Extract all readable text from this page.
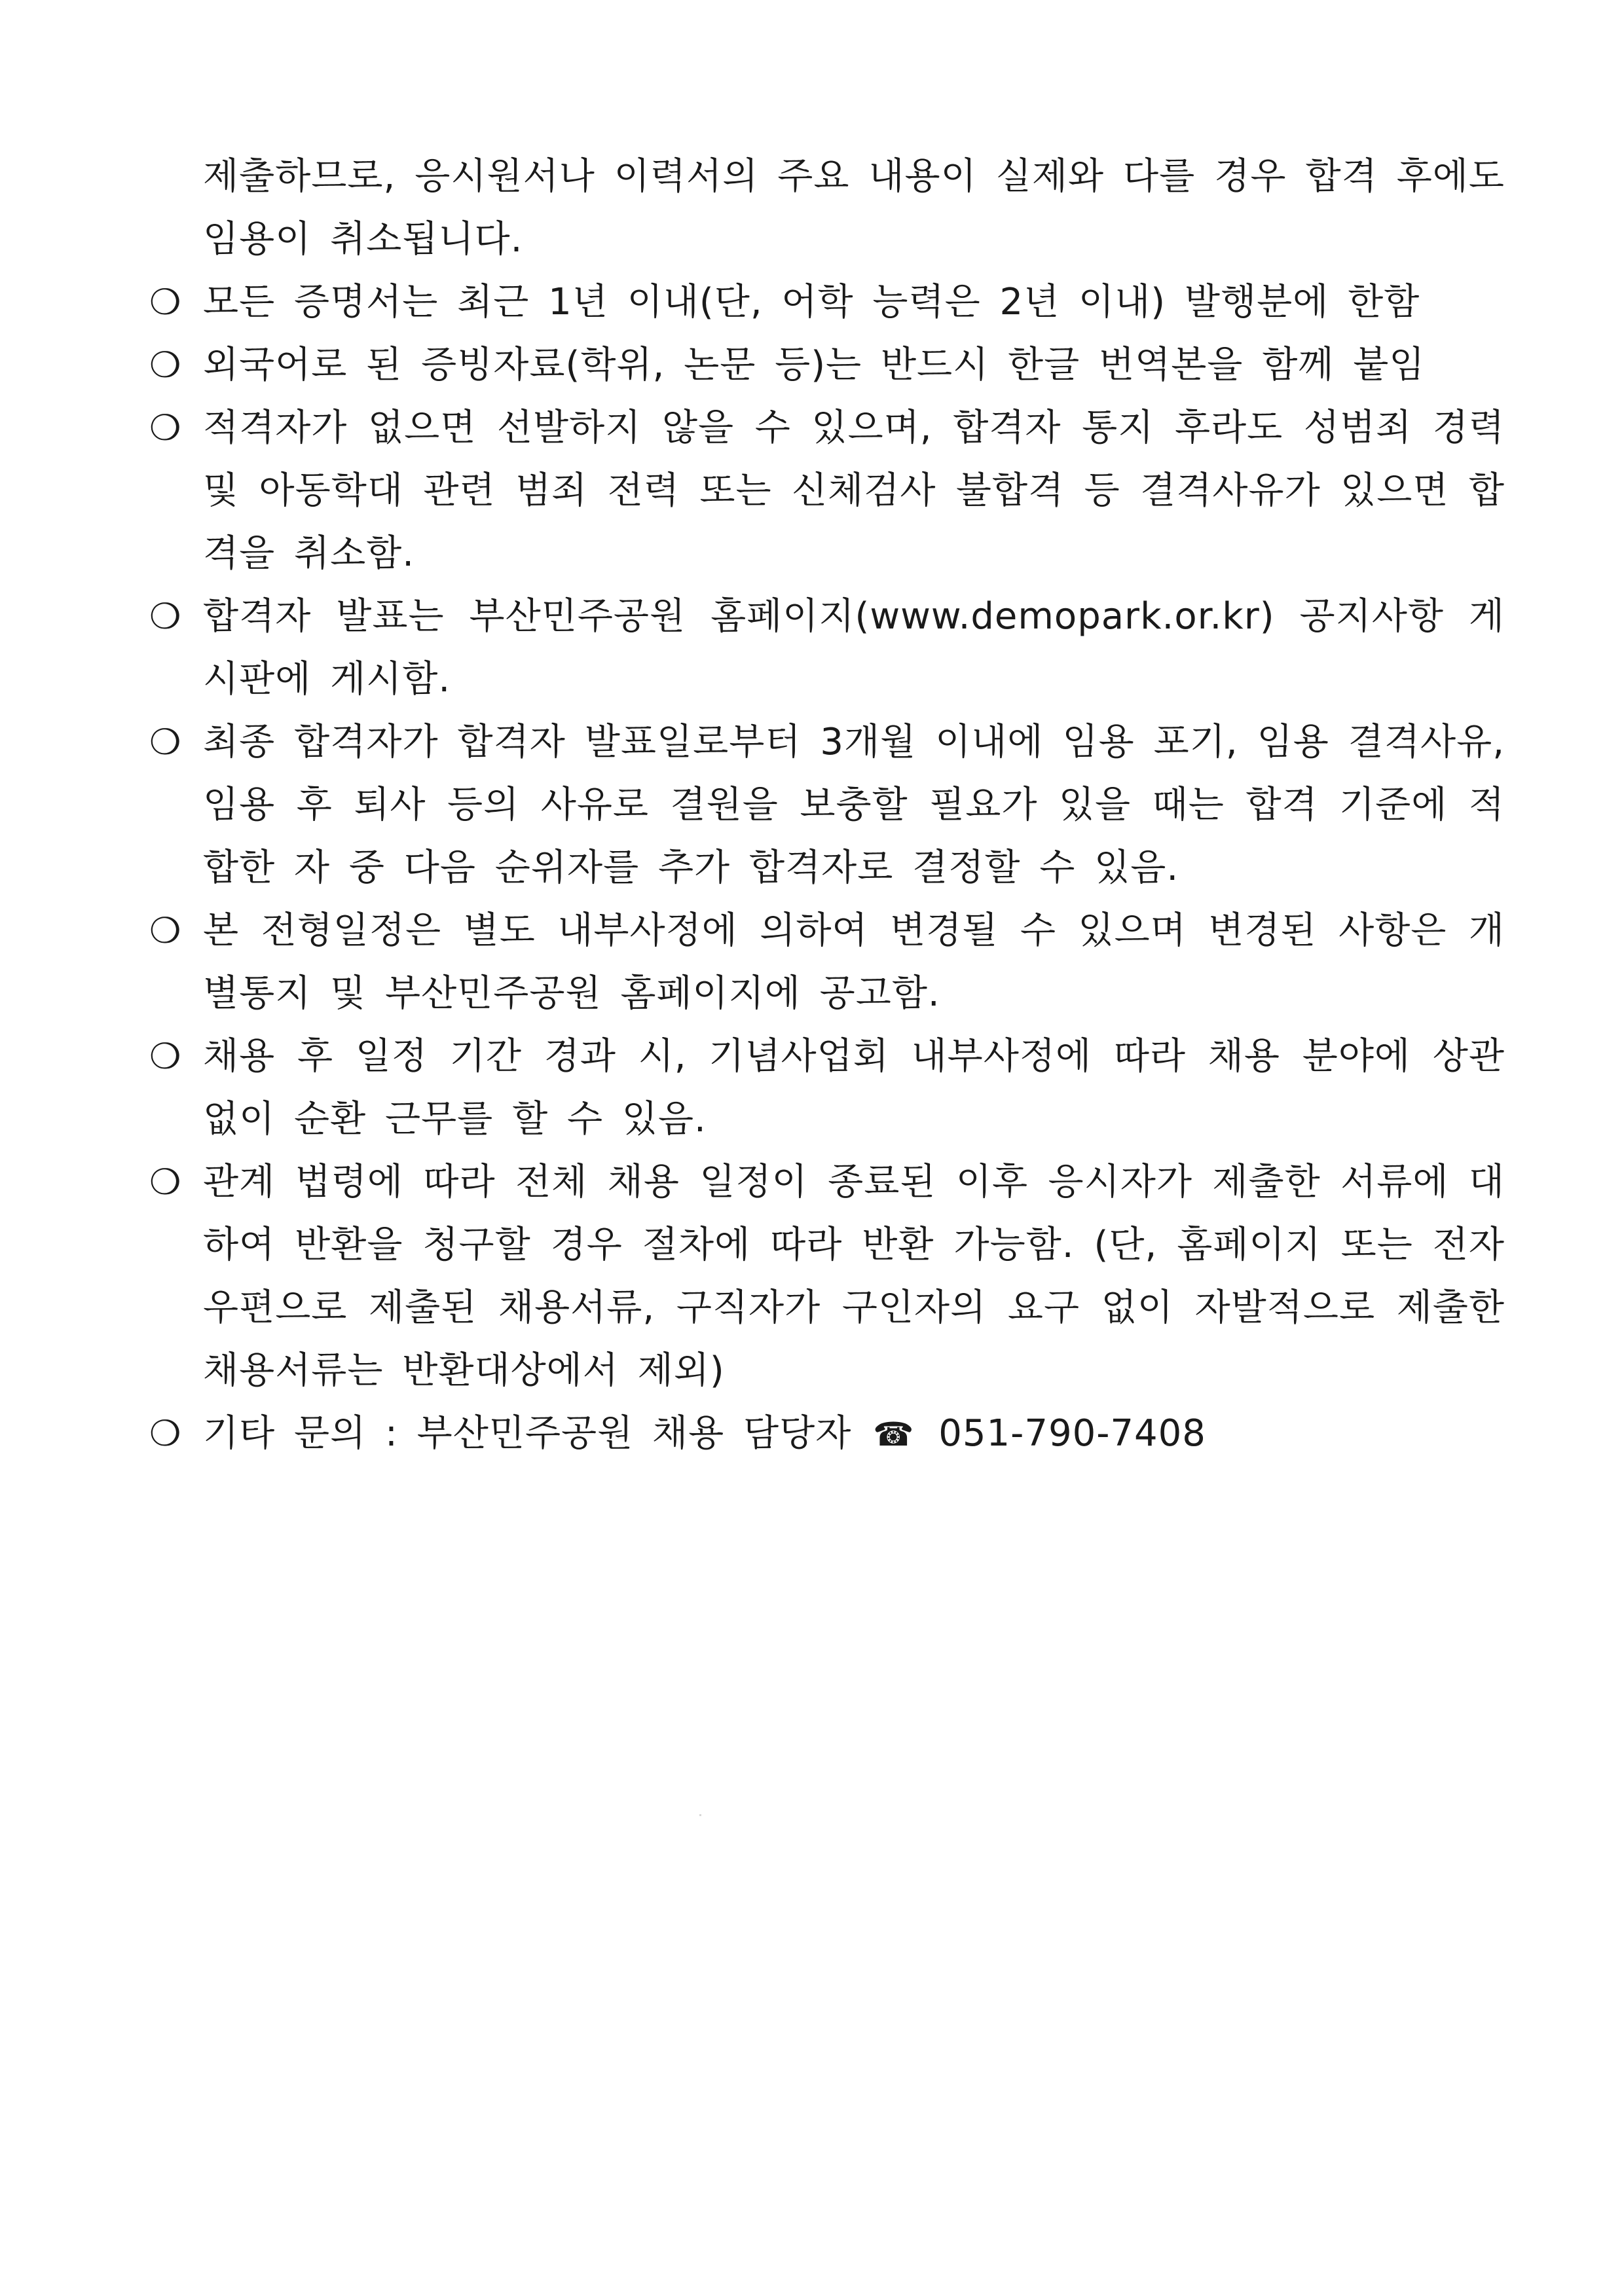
제출하므로, 응시원서나 이력서의 주요 내용이 실제와 다를 경우 합격 후에도 임용이 취소됩니다.
❍ 모든 증명서는 최근 1년 이내(단, 어학 능력은 2년 이내) 발행분에 한함
❍ 외국어로 된 증빙자료(학위, 논문 등)는 반드시 한글 번역본을 함께 붙임
❍ 적격자가 없으면 선발하지 않을 수 있으며, 합격자 통지 후라도 성범죄 경력 및 아동학대 관련 범죄 전력 또는 신체검사 불합격 등 결격사유가 있으면 합격을 취소함.
❍ 합격자 발표는 부산민주공원 홈페이지(www.demopark.or.kr) 공지사항 게시판에 게시함.
❍ 최종 합격자가 합격자 발표일로부터 3개월 이내에 임용 포기, 임용 결격사유, 임용 후 퇴사 등의 사유로 결원을 보충할 필요가 있을 때는 합격 기준에 적합한 자 중 다음 순위자를 추가 합격자로 결정할 수 있음.
❍ 본 전형일정은 별도 내부사정에 의하여 변경될 수 있으며 변경된 사항은 개별통지 및 부산민주공원 홈페이지에 공고함.
❍ 채용 후 일정 기간 경과 시, 기념사업회 내부사정에 따라 채용 분야에 상관없이 순환 근무를 할 수 있음.
❍ 관계 법령에 따라 전체 채용 일정이 종료된 이후 응시자가 제출한 서류에 대하여 반환을 청구할 경우 절차에 따라 반환 가능함. (단, 홈페이지 또는 전자우편으로 제출된 채용서류, 구직자가 구인자의 요구 없이 자발적으로 제출한 채용서류는 반환대상에서 제외)
❍ 기타 문의 : 부산민주공원 채용 담당자 ☎ 051-790-7408
